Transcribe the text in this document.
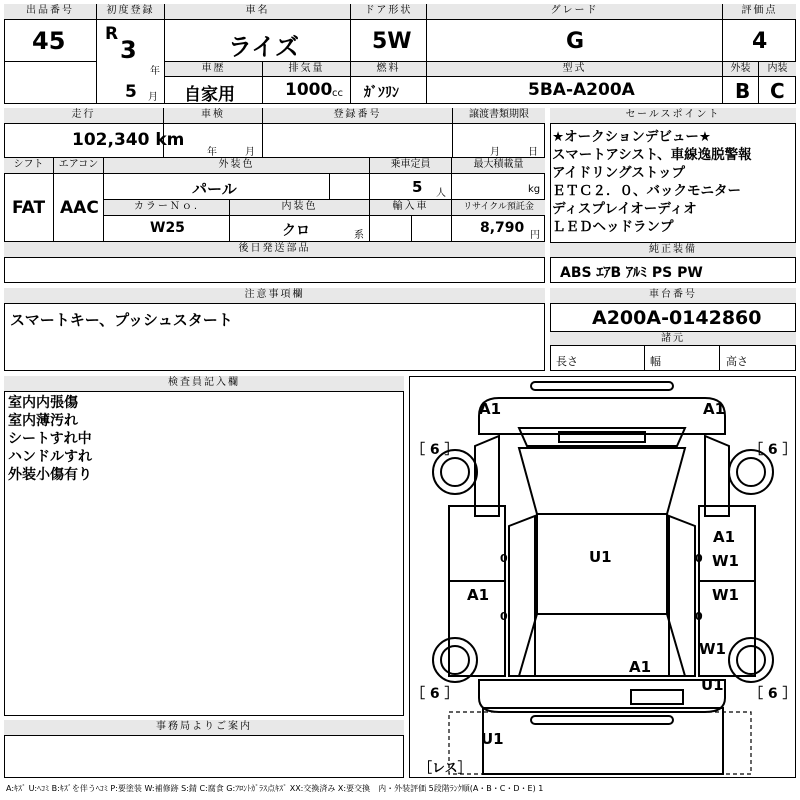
出品番号
45
初度登録
R
3
年
5 月
車名
ライズ
車歴
自家用
排気量
1000 cc
ドア形状
5W
燃料
ｶﾞｿﾘﾝ
グレード
G
型式
5BA-A200A
評価点
4
外装
B
内装
C
走行
102,340 km
車検
年	月
登録番号	譲渡書類期限
月	日
シフト
FAT
エアコン
AAC
外装色
パール
乗車定員
5 人
最大積載量
kg
カラーＮｏ.
W25
内装色
クロ	系
輸入車	リサイクル預託金
8,790 円
後日発送部品
セールスポイント
★オークションデビュー★
スマートアシスト、車線逸脱警報
アイドリングストップ
ＥＴＣ２．０、バックモニター
ディスプレイオーディオ
ＬＥＤヘッドランプ
純正装備
ABS ｴｱB ｱﾙﾐ PS PW
注意事項欄
スマートキー、プッシュスタート
車台番号
A200A-0142860
諸元
長さ	幅	高さ
検査員記入欄
室内内張傷
室内薄汚れ
シートすれ中
ハンドルすれ
外装小傷有り
事務局よりご案内
A1	A1
［ 6 ］	［ 6 ］
U1
0
A1
W1
0
A1
0
W1
0
W1
A1
U1
［ 6 ］	［ 6 ］
U1
［レス］
A:ｷｽﾞ U:ﾍｺﾐ B:ｷｽﾞを伴うﾍｺﾐ P:要塗装 W:補修跡 S:錆 C:腐食 G:ﾌﾛﾝﾄｶﾞﾗｽ点ｷｽﾞ XX:交換済み X:要交換　内・外装評価 5段階ﾗﾝｸ順(A・B・C・D・E) 1
